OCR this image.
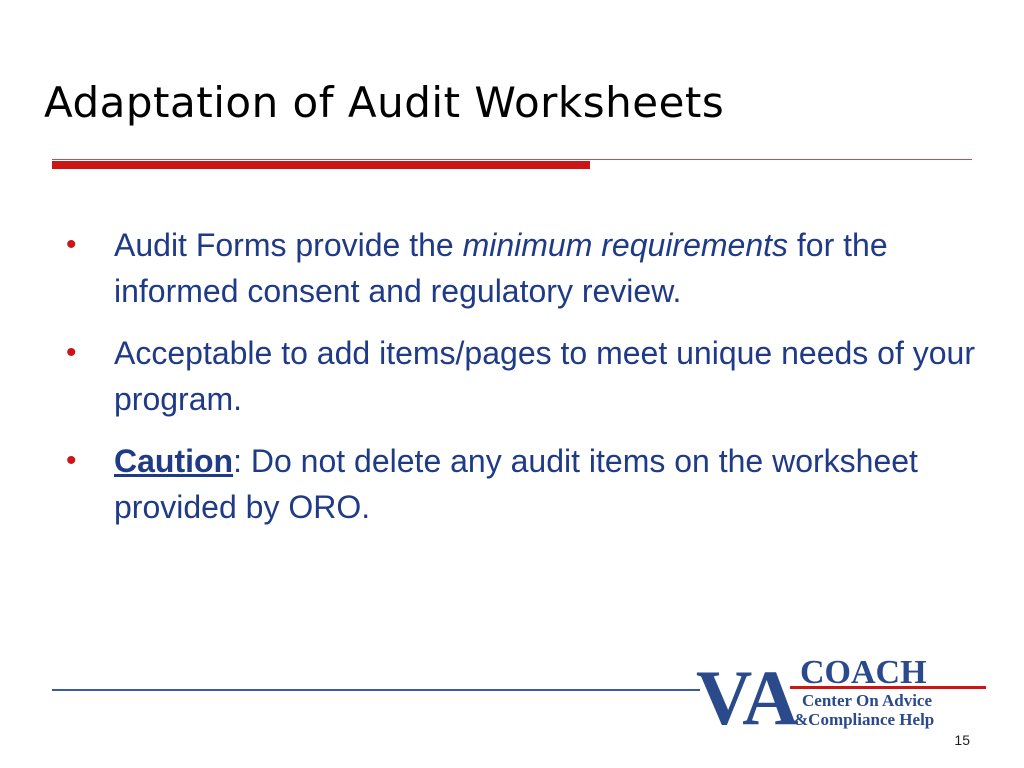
Adaptation of Audit Worksheets
• Audit Forms provide the minimum requirements for the informed consent and regulatory review.
• Acceptable to add items/pages to meet unique needs of your program.
• Caution: Do not delete any audit items on the worksheet provided by ORO.
VA COACH
Center On Advice
&Compliance Help
15
